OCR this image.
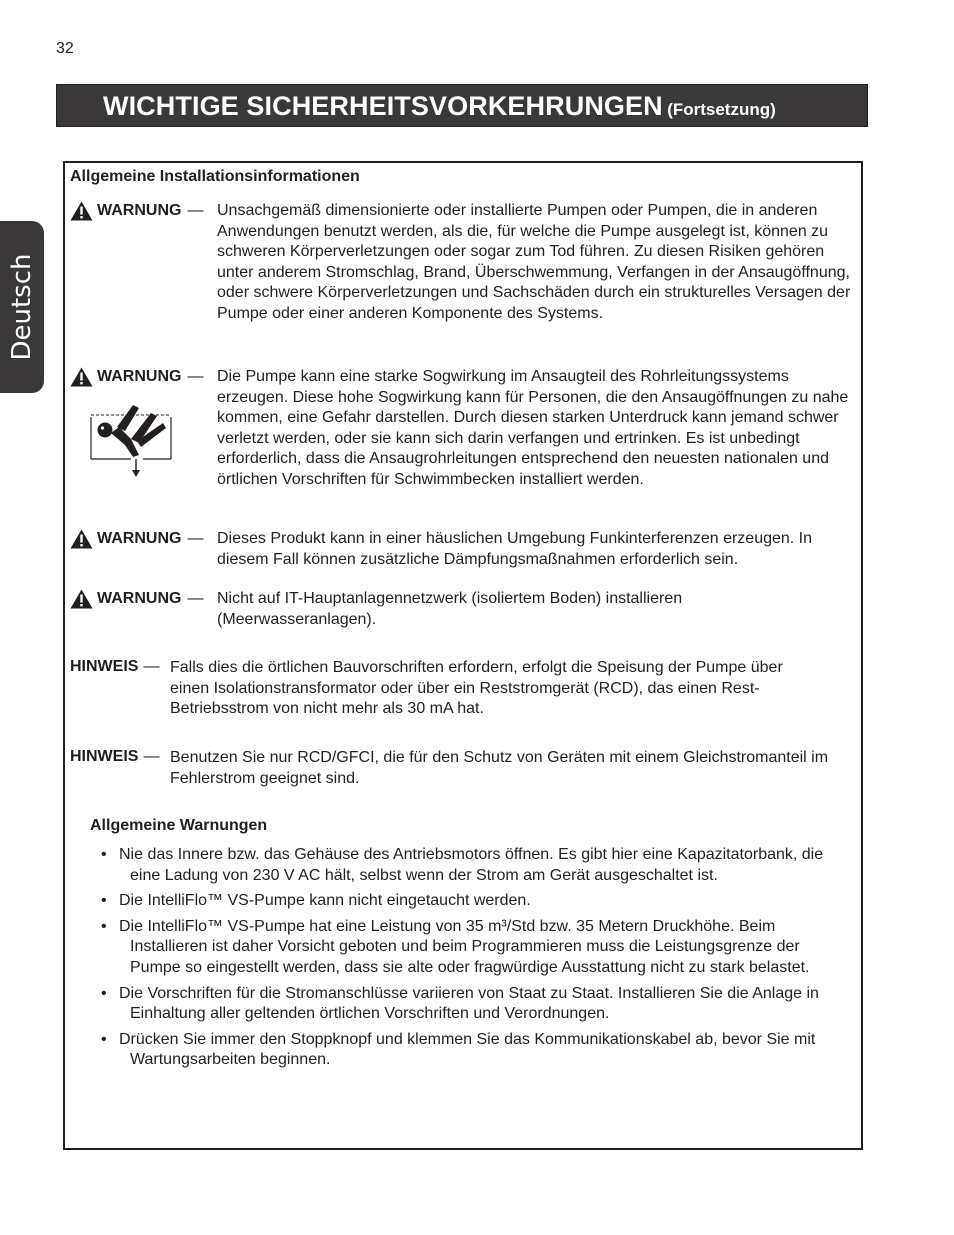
32
WICHTIGE SICHERHEITSVORKEHRUNGEN (Fortsetzung)
Deutsch
Allgemeine Installationsinformationen
WARNUNG — Unsachgemäß dimensionierte oder installierte Pumpen oder Pumpen, die in anderen Anwendungen benutzt werden, als die, für welche die Pumpe ausgelegt ist, können zu schweren Körperverletzungen oder sogar zum Tod führen. Zu diesen Risiken gehören unter anderem Stromschlag, Brand, Überschwemmung, Verfangen in der Ansaugöffnung, oder schwere Körperverletzungen und Sachschäden durch ein strukturelles Versagen der Pumpe oder einer anderen Komponente des Systems.
WARNUNG — Die Pumpe kann eine starke Sogwirkung im Ansaugteil des Rohrleitungssystems erzeugen. Diese hohe Sogwirkung kann für Personen, die den Ansaugöffnungen zu nahe kommen, eine Gefahr darstellen. Durch diesen starken Unterdruck kann jemand schwer verletzt werden, oder sie kann sich darin verfangen und ertrinken. Es ist unbedingt erforderlich, dass die Ansaugrohrleitungen entsprechend den neuesten nationalen und örtlichen Vorschriften für Schwimmbecken installiert werden.
WARNUNG — Dieses Produkt kann in einer häuslichen Umgebung Funkinterferenzen erzeugen. In diesem Fall können zusätzliche Dämpfungsmaßnahmen erforderlich sein.
WARNUNG — Nicht auf IT-Hauptanlagennetzwerk (isoliertem Boden) installieren (Meerwasseranlagen).
HINWEIS — Falls dies die örtlichen Bauvorschriften erfordern, erfolgt die Speisung der Pumpe über einen Isolationstransformator oder über ein Reststromgerät (RCD), das einen Rest-Betriebsstrom von nicht mehr als 30 mA hat.
HINWEIS — Benutzen Sie nur RCD/GFCI, die für den Schutz von Geräten mit einem Gleichstromanteil im Fehlerstrom geeignet sind.
Allgemeine Warnungen
• Nie das Innere bzw. das Gehäuse des Antriebsmotors öffnen. Es gibt hier eine Kapazitatorbank, die eine Ladung von 230 V AC hält, selbst wenn der Strom am Gerät ausgeschaltet ist.
• Die IntelliFlo™ VS-Pumpe kann nicht eingetaucht werden.
• Die IntelliFlo™ VS-Pumpe hat eine Leistung von 35 m³/Std bzw. 35 Metern Druckhöhe. Beim Installieren ist daher Vorsicht geboten und beim Programmieren muss die Leistungsgrenze der Pumpe so eingestellt werden, dass sie alte oder fragwürdige Ausstattung nicht zu stark belastet.
• Die Vorschriften für die Stromanschlüsse variieren von Staat zu Staat. Installieren Sie die Anlage in Einhaltung aller geltenden örtlichen Vorschriften und Verordnungen.
• Drücken Sie immer den Stoppknopf und klemmen Sie das Kommunikationskabel ab, bevor Sie mit Wartungsarbeiten beginnen.
